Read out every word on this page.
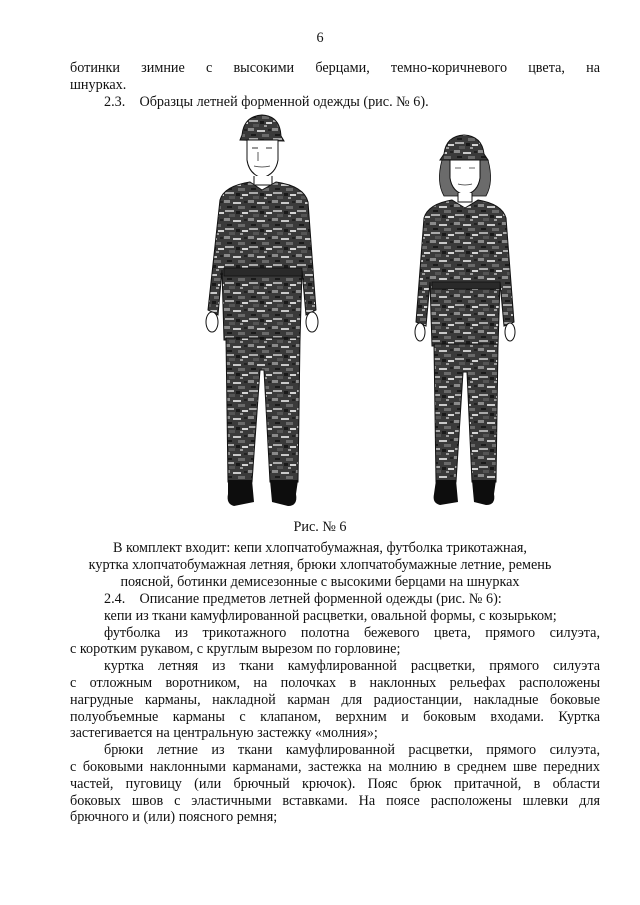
6
ботинки зимние с высокими берцами, темно-коричневого цвета, на
шнурках.
2.3. Образцы летней форменной одежды (рис. № 6).
Рис. № 6
В комплект входит: кепи хлопчатобумажная, футболка трикотажная,
куртка хлопчатобумажная летняя, брюки хлопчатобумажные летние, ремень
поясной, ботинки демисезонные с высокими берцами на шнурках
2.4. Описание предметов летней форменной одежды (рис. № 6):
кепи из ткани камуфлированной расцветки, овальной формы, с козырьком;
футболка из трикотажного полотна бежевого цвета, прямого силуэта,
с коротким рукавом, с круглым вырезом по горловине;
куртка летняя из ткани камуфлированной расцветки, прямого силуэта
с отложным воротником, на полочках в наклонных рельефах расположены
нагрудные карманы, накладной карман для радиостанции, накладные боковые
полуобъемные карманы с клапаном, верхним и боковым входами. Куртка
застегивается на центральную застежку «молния»;
брюки летние из ткани камуфлированной расцветки, прямого силуэта,
с боковыми наклонными карманами, застежка на молнию в среднем шве передних
частей, пуговицу (или брючный крючок). Пояс брюк притачной, в области
боковых швов с эластичными вставками. На поясе расположены шлевки для
брючного и (или) поясного ремня;
